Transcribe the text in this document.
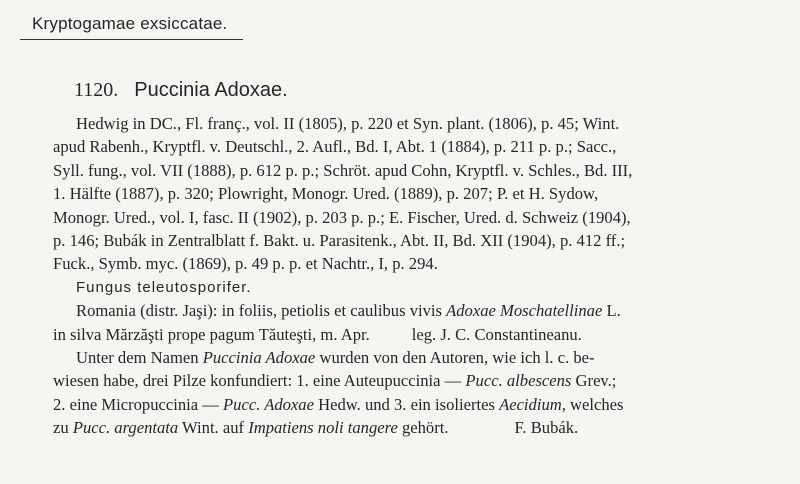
Kryptogamae exsiccatae.
1120. Puccinia Adoxae.
Hedwig in DC., Fl. franç., vol. II (1805), p. 220 et Syn. plant. (1806), p. 45; Wint.
apud Rabenh., Kryptfl. v. Deutschl., 2. Aufl., Bd. I, Abt. 1 (1884), p. 211 p. p.; Sacc.,
Syll. fung., vol. VII (1888), p. 612 p. p.; Schröt. apud Cohn, Kryptfl. v. Schles., Bd. III,
1. Hälfte (1887), p. 320; Plowright, Monogr. Ured. (1889), p. 207; P. et H. Sydow,
Monogr. Ured., vol. I, fasc. II (1902), p. 203 p. p.; E. Fischer, Ured. d. Schweiz (1904),
p. 146; Bubák in Zentralblatt f. Bakt. u. Parasitenk., Abt. II, Bd. XII (1904), p. 412 ff.;
Fuck., Symb. myc. (1869), p. 49 p. p. et Nachtr., I, p. 294.
Fungus teleutosporifer.
Romania (distr. Jaşi): in foliis, petiolis et caulibus vivis Adoxae Moschatellinae L.
in silva Mărzăşti prope pagum Tăuteşti, m. Apr.	leg. J. C. Constantineanu.
Unter dem Namen Puccinia Adoxae wurden von den Autoren, wie ich l. c. be-
wiesen habe, drei Pilze konfundiert: 1. eine Auteupuccinia — Pucc. albescens Grev.;
2. eine Micropuccinia — Pucc. Adoxae Hedw. und 3. ein isoliertes Aecidium, welches
zu Pucc. argentata Wint. auf Impatiens noli tangere gehört.	F. Bubák.
